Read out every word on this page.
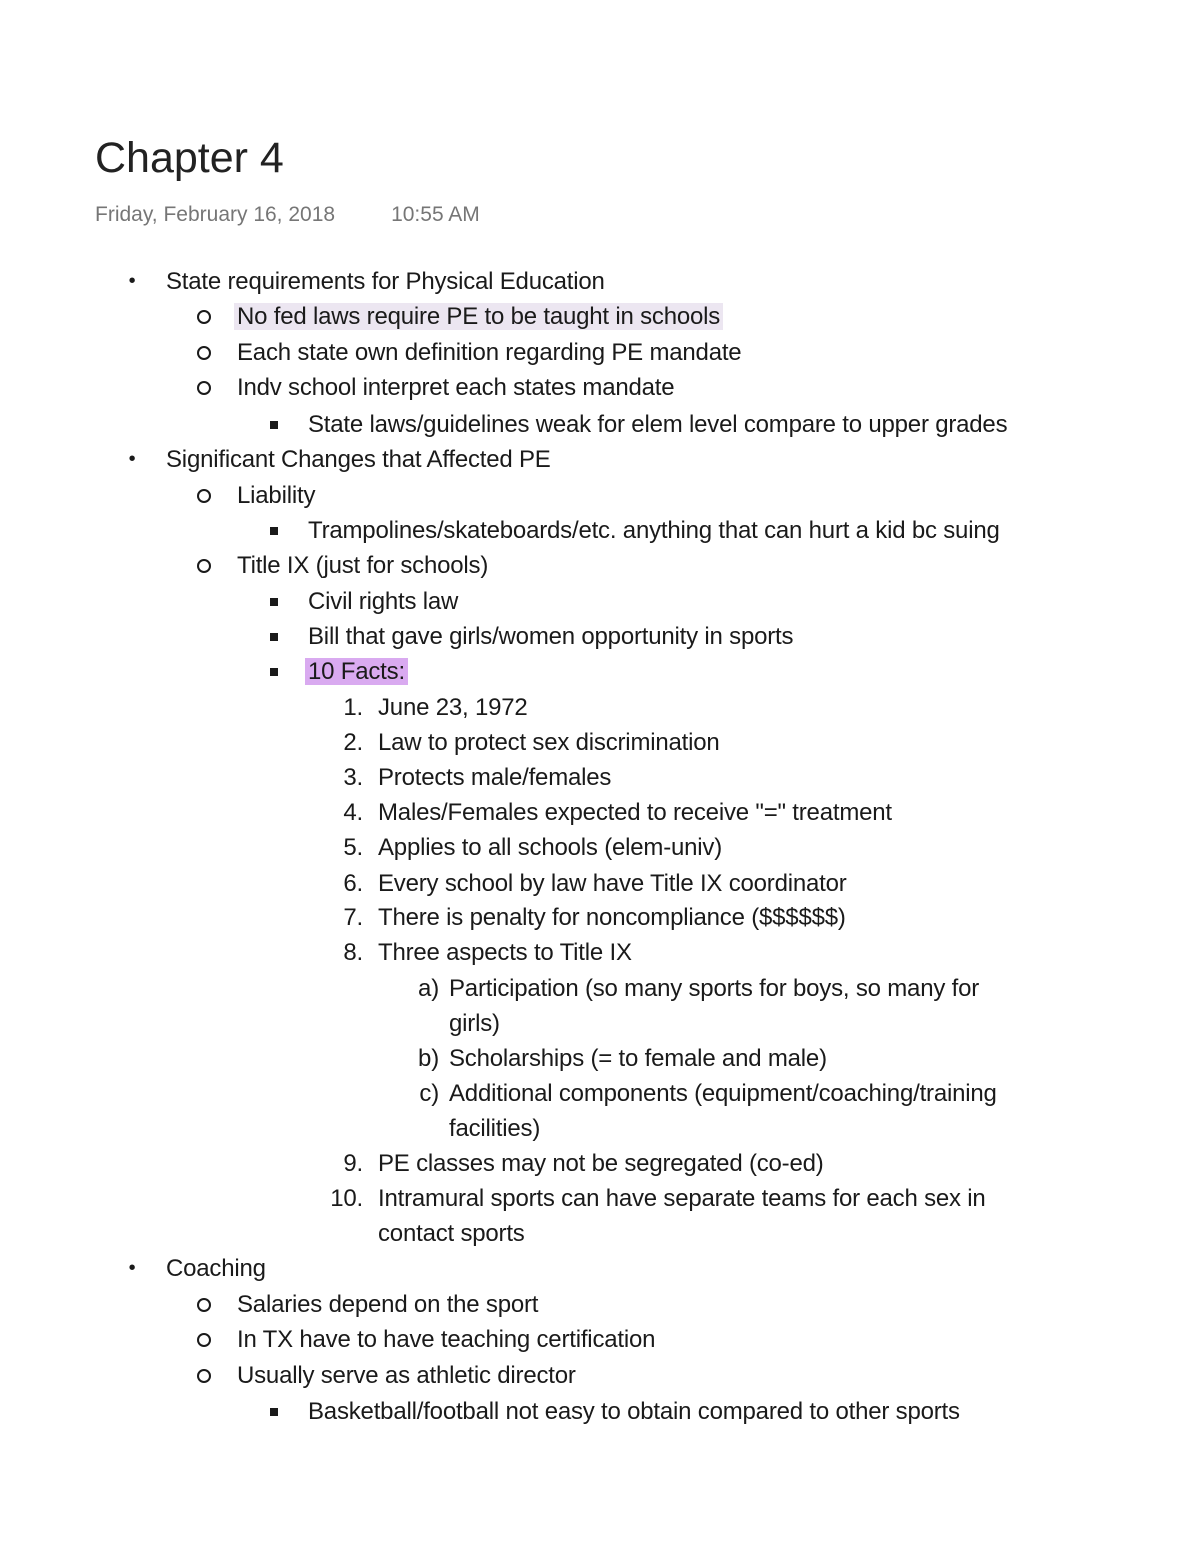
Chapter 4
Friday, February 16, 2018	10:55 AM
• State requirements for Physical Education
No fed laws require PE to be taught in schools
Each state own definition regarding PE mandate
Indv school interpret each states mandate
State laws/guidelines weak for elem level compare to upper grades
• Significant Changes that Affected PE
Liability
Trampolines/skateboards/etc. anything that can hurt a kid bc suing
Title IX (just for schools)
Civil rights law
Bill that gave girls/women opportunity in sports
10 Facts:
1. June 23, 1972
2. Law to protect sex discrimination
3. Protects male/females
4. Males/Females expected to receive "=" treatment
5. Applies to all schools (elem-univ)
6. Every school by law have Title IX coordinator
7. There is penalty for noncompliance ($$$$$$)
8. Three aspects to Title IX
a) Participation (so many sports for boys, so many for
girls)
b) Scholarships (= to female and male)
c) Additional components (equipment/coaching/training
facilities)
9. PE classes may not be segregated (co-ed)
10. Intramural sports can have separate teams for each sex in
contact sports
• Coaching
Salaries depend on the sport
In TX have to have teaching certification
Usually serve as athletic director
Basketball/football not easy to obtain compared to other sports
